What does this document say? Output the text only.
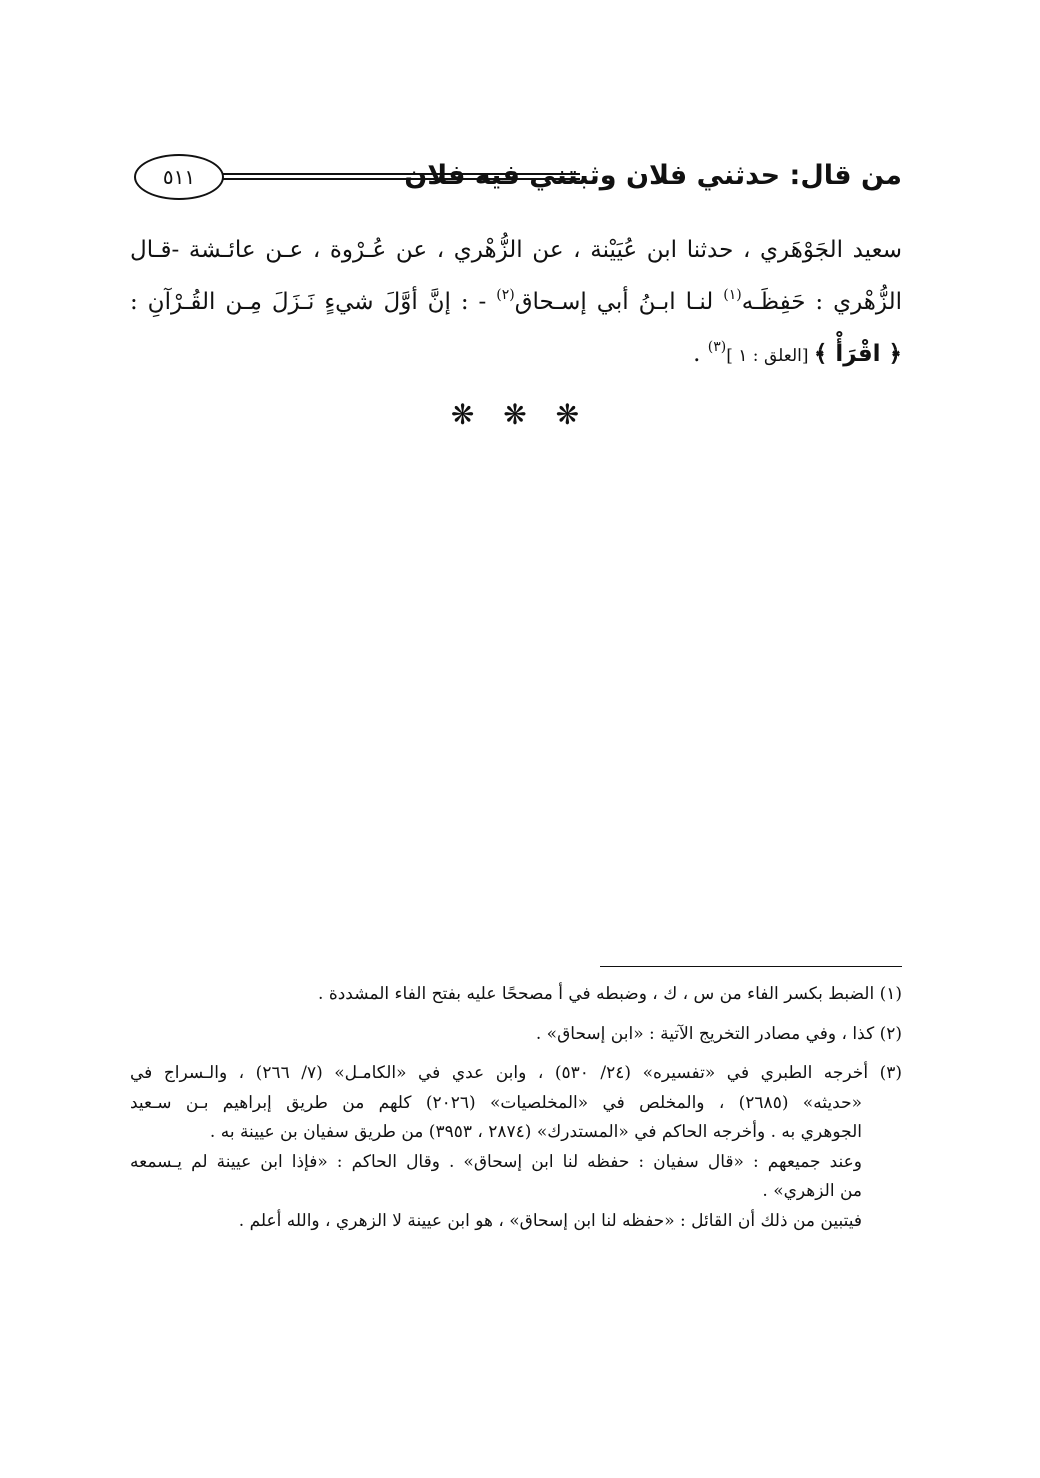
من قال: حدثني فلان وثبتني فيه فلان
٥١١
سعيد الجَوْهَري ، حدثنا ابن عُيَيْنة ، عن الزُّهْري ، عن عُـرْوة ، عـن عائـشة -قـال
الزُّهْري : حَفِظَـه$^{(١)}$ لنـا ابـنُ أبي إسـحاق$^{(٢)}$ - : إنَّ أوَّلَ شيءٍ نَـزَلَ مِـن القُـرْآنِ :
﴿ اقْرَأْ ﴾ [العلق : ١ ]$^{(٣)}$ .
❋ ❋ ❋
(١) الضبط بكسر الفاء من س ، ك ، وضبطه في أ مصححًا عليه بفتح الفاء المشددة .
(٢) كذا ، وفي مصادر التخريج الآتية : «ابن إسحاق» .
(٣) أخرجه الطبري في «تفسيره» (٢٤/ ٥٣٠) ، وابن عدي في «الكامـل» (٧/ ٢٦٦) ، والـسراج في
«حديثه» (٢٦٨٥) ، والمخلص في «المخلصيات» (٢٠٢٦) كلهم من طريق إبراهيم بـن سـعيد
الجوهري به . وأخرجه الحاكم في «المستدرك» (٢٨٧٤ ، ٣٩٥٣) من طريق سفيان بن عيينة به .
وعند جميعهم : «قال سفيان : حفظه لنا ابن إسحاق» . وقال الحاكم : «فإذا ابن عيينة لم يـسمعه
من الزهري» .
فيتبين من ذلك أن القائل : «حفظه لنا ابن إسحاق» ، هو ابن عيينة لا الزهري ، والله أعلم .
